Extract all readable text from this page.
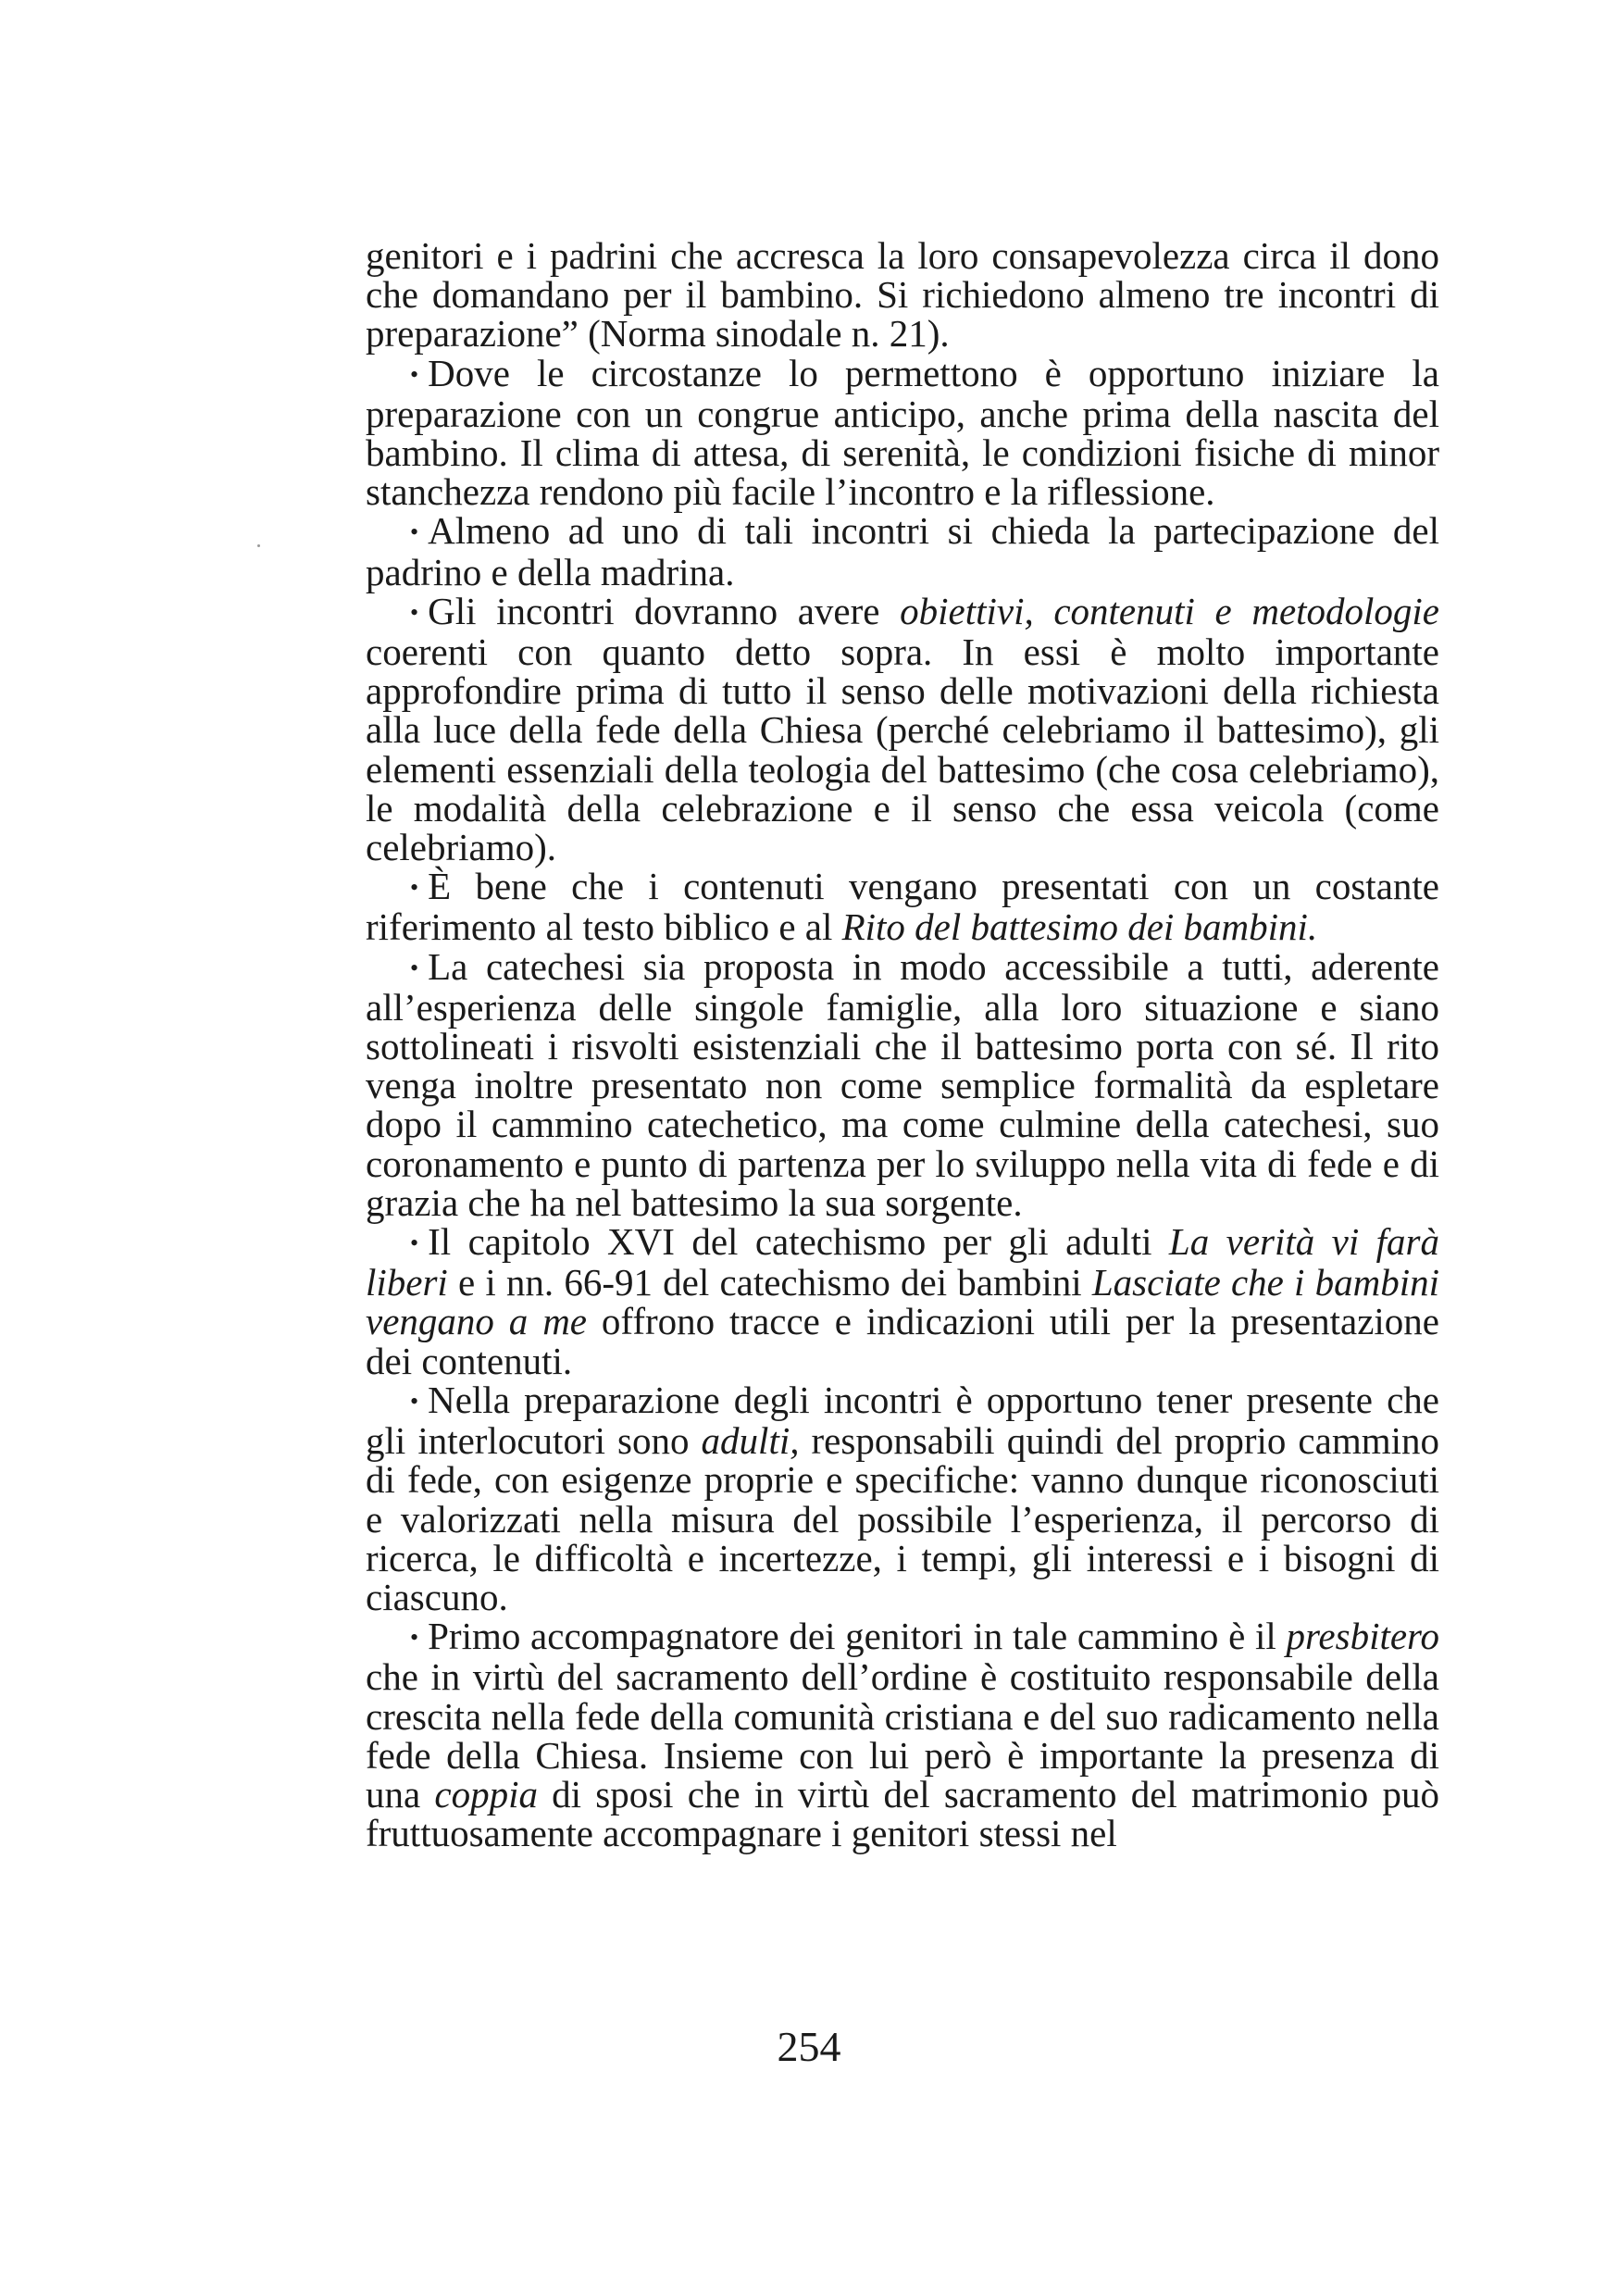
genitori e i padrini che accresca la loro consapevolezza circa il dono che domandano per il bambino. Si richiedono almeno tre incontri di preparazione” (Norma sinodale n. 21).

• Dove le circostanze lo permettono è opportuno iniziare la preparazione con un congrue anticipo, anche prima della nascita del bambino. Il clima di attesa, di serenità, le condizioni fisiche di minor stanchezza rendono più facile l’incontro e la riflessione.

• Almeno ad uno di tali incontri si chieda la partecipazione del padrino e della madrina.

• Gli incontri dovranno avere obiettivi, contenuti e metodologie coerenti con quanto detto sopra. In essi è molto importante approfondire prima di tutto il senso delle motivazioni della richiesta alla luce della fede della Chiesa (perché celebriamo il battesimo), gli elementi essenziali della teologia del battesimo (che cosa celebriamo), le modalità della celebrazione e il senso che essa veicola (come celebriamo).

• È bene che i contenuti vengano presentati con un costante riferimento al testo biblico e al Rito del battesimo dei bambini.

• La catechesi sia proposta in modo accessibile a tutti, aderente all’esperienza delle singole famiglie, alla loro situazione e siano sottolineati i risvolti esistenziali che il battesimo porta con sé. Il rito venga inoltre presentato non come semplice formalità da espletare dopo il cammino catechetico, ma come culmine della catechesi, suo coronamento e punto di partenza per lo sviluppo nella vita di fede e di grazia che ha nel battesimo la sua sorgente.

• Il capitolo XVI del catechismo per gli adulti La verità vi farà liberi e i nn. 66-91 del catechismo dei bambini Lasciate che i bambini vengano a me offrono tracce e indicazioni utili per la presentazione dei contenuti.

• Nella preparazione degli incontri è opportuno tener presente che gli interlocutori sono adulti, responsabili quindi del proprio cammino di fede, con esigenze proprie e specifiche: vanno dunque riconosciuti e valorizzati nella misura del possibile l’esperienza, il percorso di ricerca, le difficoltà e incertezze, i tempi, gli interessi e i bisogni di ciascuno.

• Primo accompagnatore dei genitori in tale cammino è il presbitero che in virtù del sacramento dell’ordine è costituito responsabile della crescita nella fede della comunità cristiana e del suo radicamento nella fede della Chiesa. Insieme con lui però è importante la presenza di una coppia di sposi che in virtù del sacramento del matrimonio può fruttuosamente accompagnare i genitori stessi nel

254
